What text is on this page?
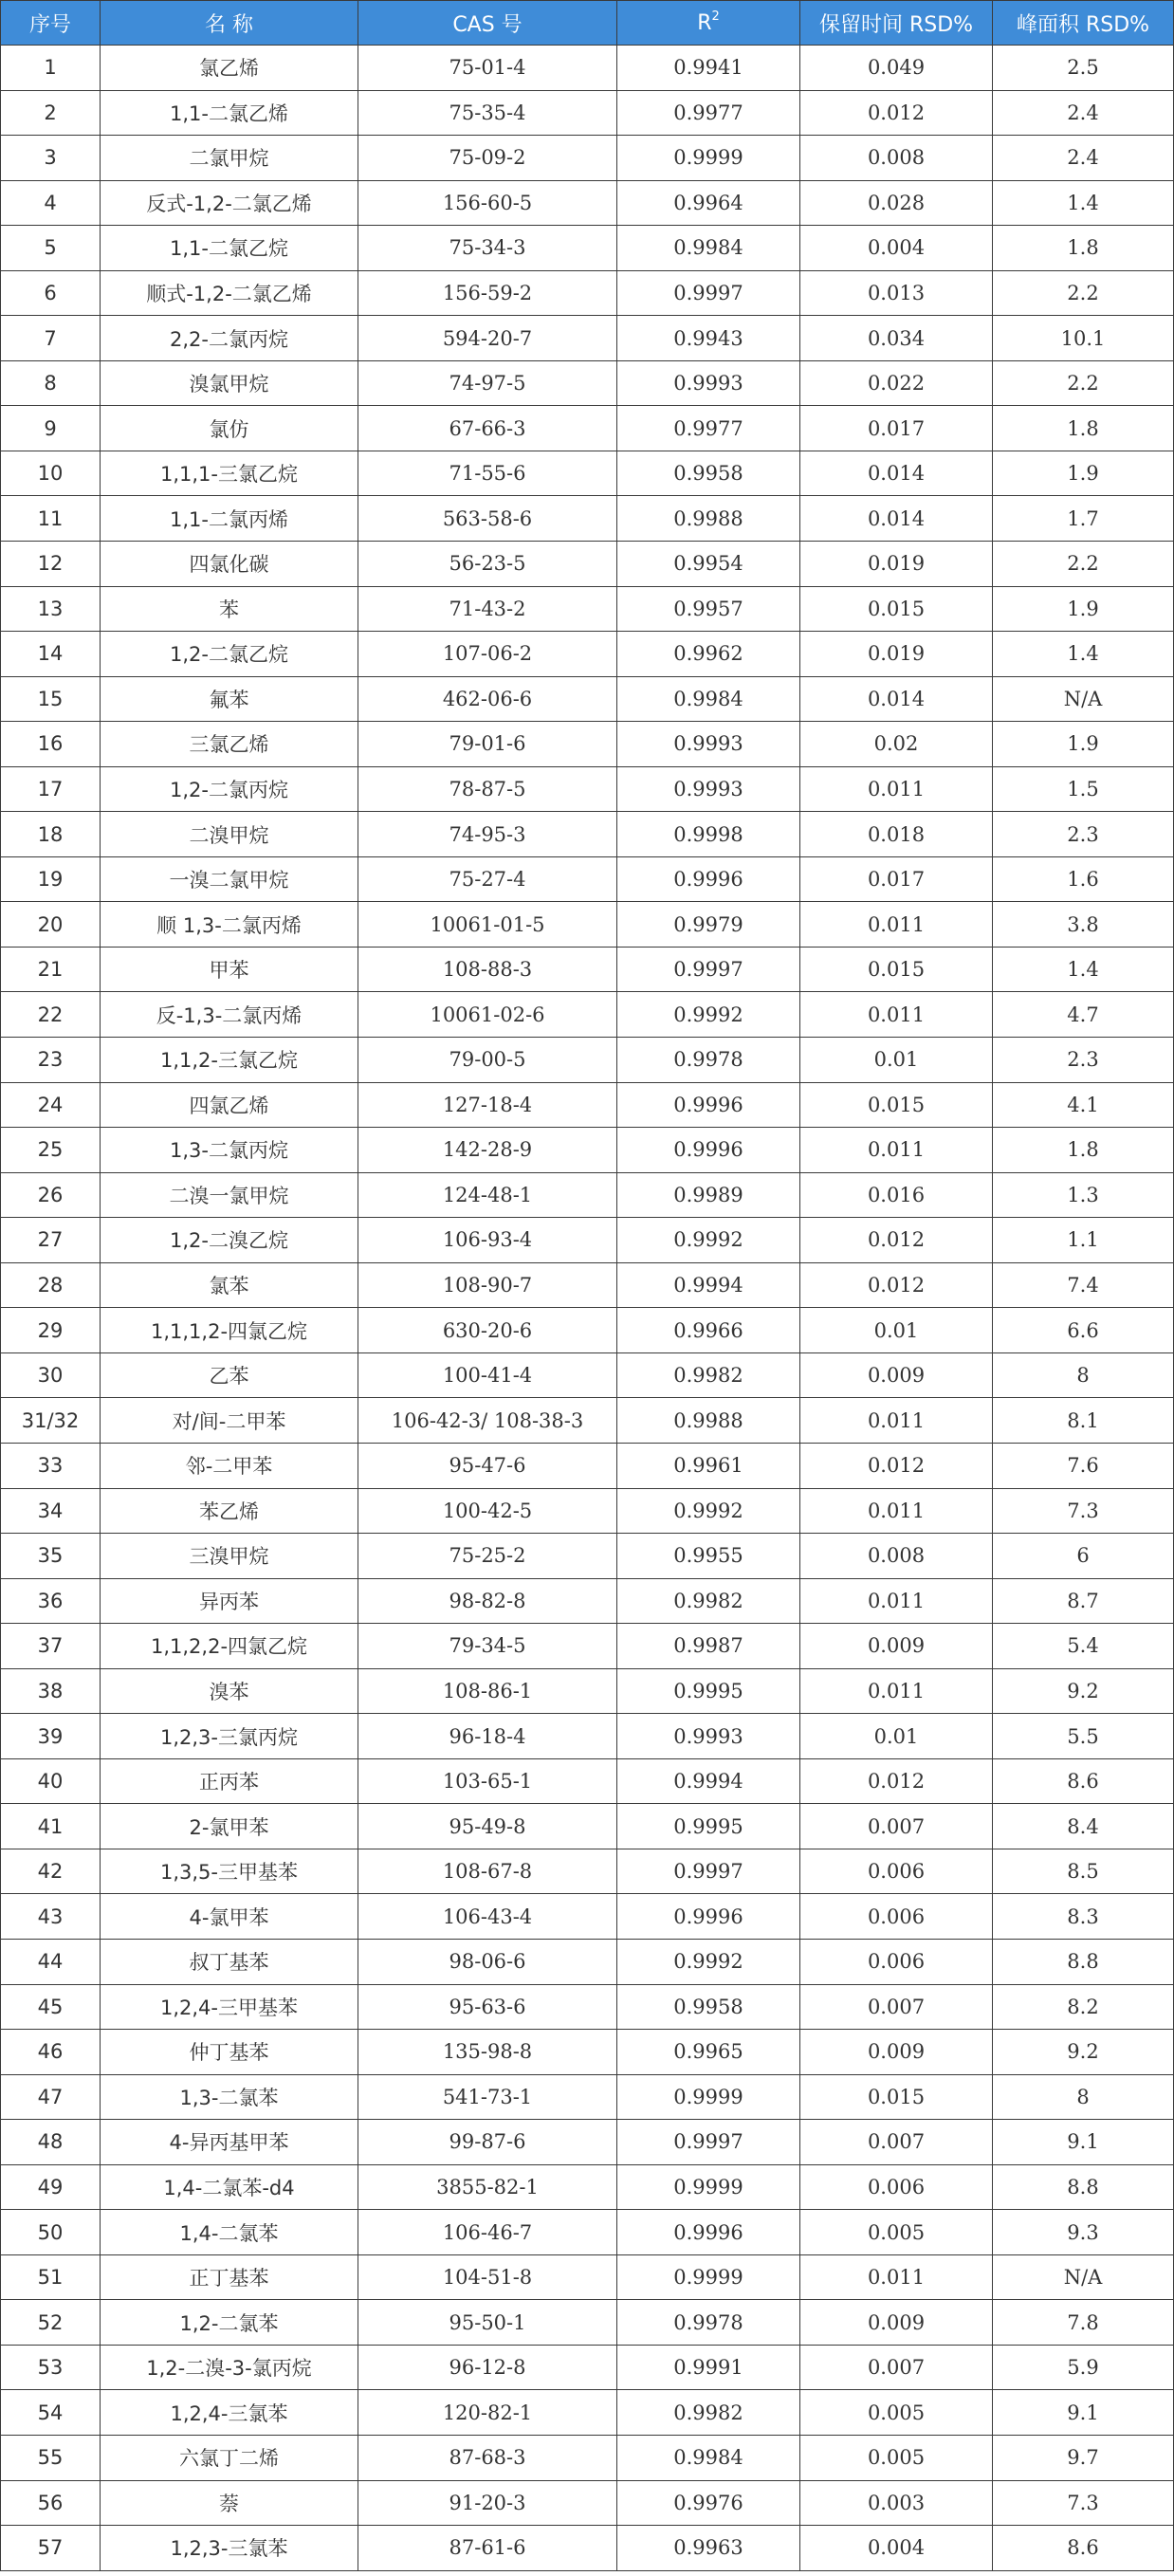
序号	名 称	CAS 号	$R^2$	保留时间 RSD%	峰面积 RSD%
1	氯乙烯	75-01-4	0.9941	0.049	2.5
2	1,1-二氯乙烯	75-35-4	0.9977	0.012	2.4
3	二氯甲烷	75-09-2	0.9999	0.008	2.4
4	反式-1,2-二氯乙烯	156-60-5	0.9964	0.028	1.4
5	1,1-二氯乙烷	75-34-3	0.9984	0.004	1.8
6	顺式-1,2-二氯乙烯	156-59-2	0.9997	0.013	2.2
7	2,2-二氯丙烷	594-20-7	0.9943	0.034	10.1
8	溴氯甲烷	74-97-5	0.9993	0.022	2.2
9	氯仿	67-66-3	0.9977	0.017	1.8
10	1,1,1-三氯乙烷	71-55-6	0.9958	0.014	1.9
11	1,1-二氯丙烯	563-58-6	0.9988	0.014	1.7
12	四氯化碳	56-23-5	0.9954	0.019	2.2
13	苯	71-43-2	0.9957	0.015	1.9
14	1,2-二氯乙烷	107-06-2	0.9962	0.019	1.4
15	氟苯	462-06-6	0.9984	0.014	N/A
16	三氯乙烯	79-01-6	0.9993	0.02	1.9
17	1,2-二氯丙烷	78-87-5	0.9993	0.011	1.5
18	二溴甲烷	74-95-3	0.9998	0.018	2.3
19	一溴二氯甲烷	75-27-4	0.9996	0.017	1.6
20	顺 1,3-二氯丙烯	10061-01-5	0.9979	0.011	3.8
21	甲苯	108-88-3	0.9997	0.015	1.4
22	反-1,3-二氯丙烯	10061-02-6	0.9992	0.011	4.7
23	1,1,2-三氯乙烷	79-00-5	0.9978	0.01	2.3
24	四氯乙烯	127-18-4	0.9996	0.015	4.1
25	1,3-二氯丙烷	142-28-9	0.9996	0.011	1.8
26	二溴一氯甲烷	124-48-1	0.9989	0.016	1.3
27	1,2-二溴乙烷	106-93-4	0.9992	0.012	1.1
28	氯苯	108-90-7	0.9994	0.012	7.4
29	1,1,1,2-四氯乙烷	630-20-6	0.9966	0.01	6.6
30	乙苯	100-41-4	0.9982	0.009	8
31/32	对/间-二甲苯	106-42-3/ 108-38-3	0.9988	0.011	8.1
33	邻-二甲苯	95-47-6	0.9961	0.012	7.6
34	苯乙烯	100-42-5	0.9992	0.011	7.3
35	三溴甲烷	75-25-2	0.9955	0.008	6
36	异丙苯	98-82-8	0.9982	0.011	8.7
37	1,1,2,2-四氯乙烷	79-34-5	0.9987	0.009	5.4
38	溴苯	108-86-1	0.9995	0.011	9.2
39	1,2,3-三氯丙烷	96-18-4	0.9993	0.01	5.5
40	正丙苯	103-65-1	0.9994	0.012	8.6
41	2-氯甲苯	95-49-8	0.9995	0.007	8.4
42	1,3,5-三甲基苯	108-67-8	0.9997	0.006	8.5
43	4-氯甲苯	106-43-4	0.9996	0.006	8.3
44	叔丁基苯	98-06-6	0.9992	0.006	8.8
45	1,2,4-三甲基苯	95-63-6	0.9958	0.007	8.2
46	仲丁基苯	135-98-8	0.9965	0.009	9.2
47	1,3-二氯苯	541-73-1	0.9999	0.015	8
48	4-异丙基甲苯	99-87-6	0.9997	0.007	9.1
49	1,4-二氯苯-d4	3855-82-1	0.9999	0.006	8.8
50	1,4-二氯苯	106-46-7	0.9996	0.005	9.3
51	正丁基苯	104-51-8	0.9999	0.011	N/A
52	1,2-二氯苯	95-50-1	0.9978	0.009	7.8
53	1,2-二溴-3-氯丙烷	96-12-8	0.9991	0.007	5.9
54	1,2,4-三氯苯	120-82-1	0.9982	0.005	9.1
55	六氯丁二烯	87-68-3	0.9984	0.005	9.7
56	萘	91-20-3	0.9976	0.003	7.3
57	1,2,3-三氯苯	87-61-6	0.9963	0.004	8.6
